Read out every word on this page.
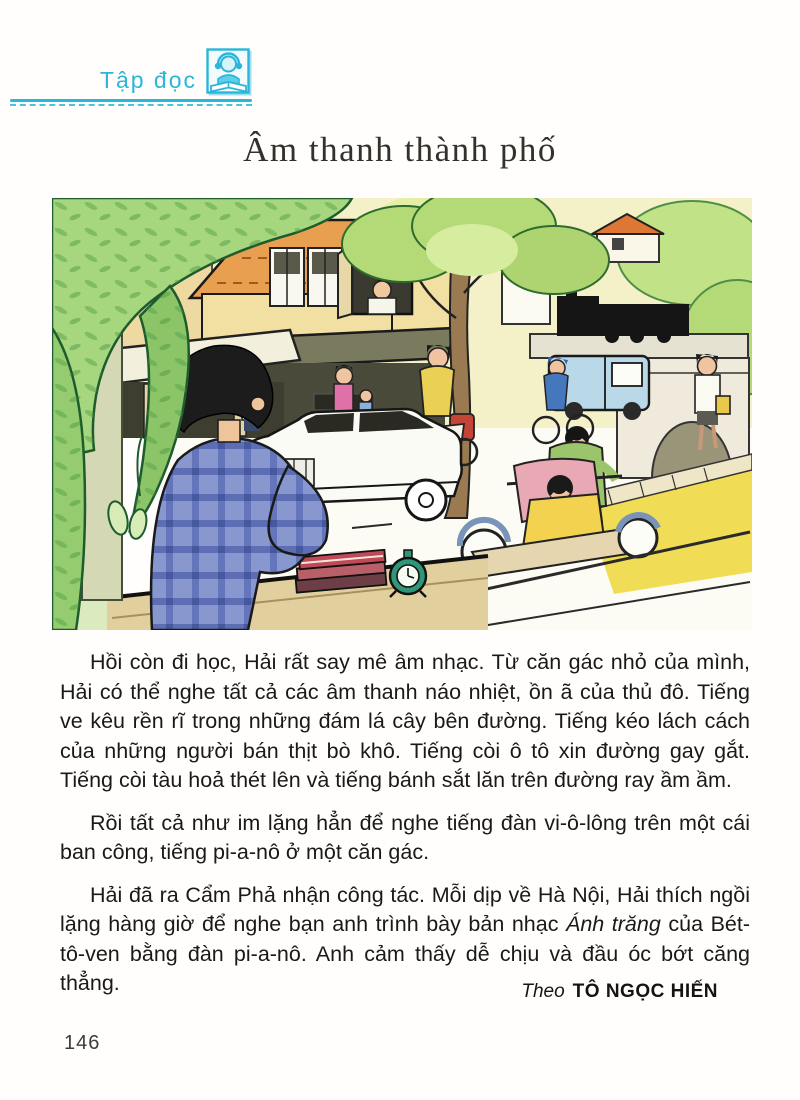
Tập đọc
Âm thanh thành phố

Hồi còn đi học, Hải rất say mê âm nhạc. Từ căn gác nhỏ của mình, Hải có thể nghe tất cả các âm thanh náo nhiệt, ồn ã của thủ đô. Tiếng ve kêu rền rĩ trong những đám lá cây bên đường. Tiếng kéo lách cách của những người bán thịt bò khô. Tiếng còi ô tô xin đường gay gắt. Tiếng còi tàu hoả thét lên và tiếng bánh sắt lăn trên đường ray ầm ầm.

Rồi tất cả như im lặng hẳn để nghe tiếng đàn vi-ô-lông trên một cái ban công, tiếng pi-a-nô ở một căn gác.

Hải đã ra Cẩm Phả nhận công tác. Mỗi dịp về Hà Nội, Hải thích ngồi lặng hàng giờ để nghe bạn anh trình bày bản nhạc Ánh trăng của Bét-tô-ven bằng đàn pi-a-nô. Anh cảm thấy dễ chịu và đầu óc bớt căng thẳng.	Theo TÔ NGỌC HIẾN
146
